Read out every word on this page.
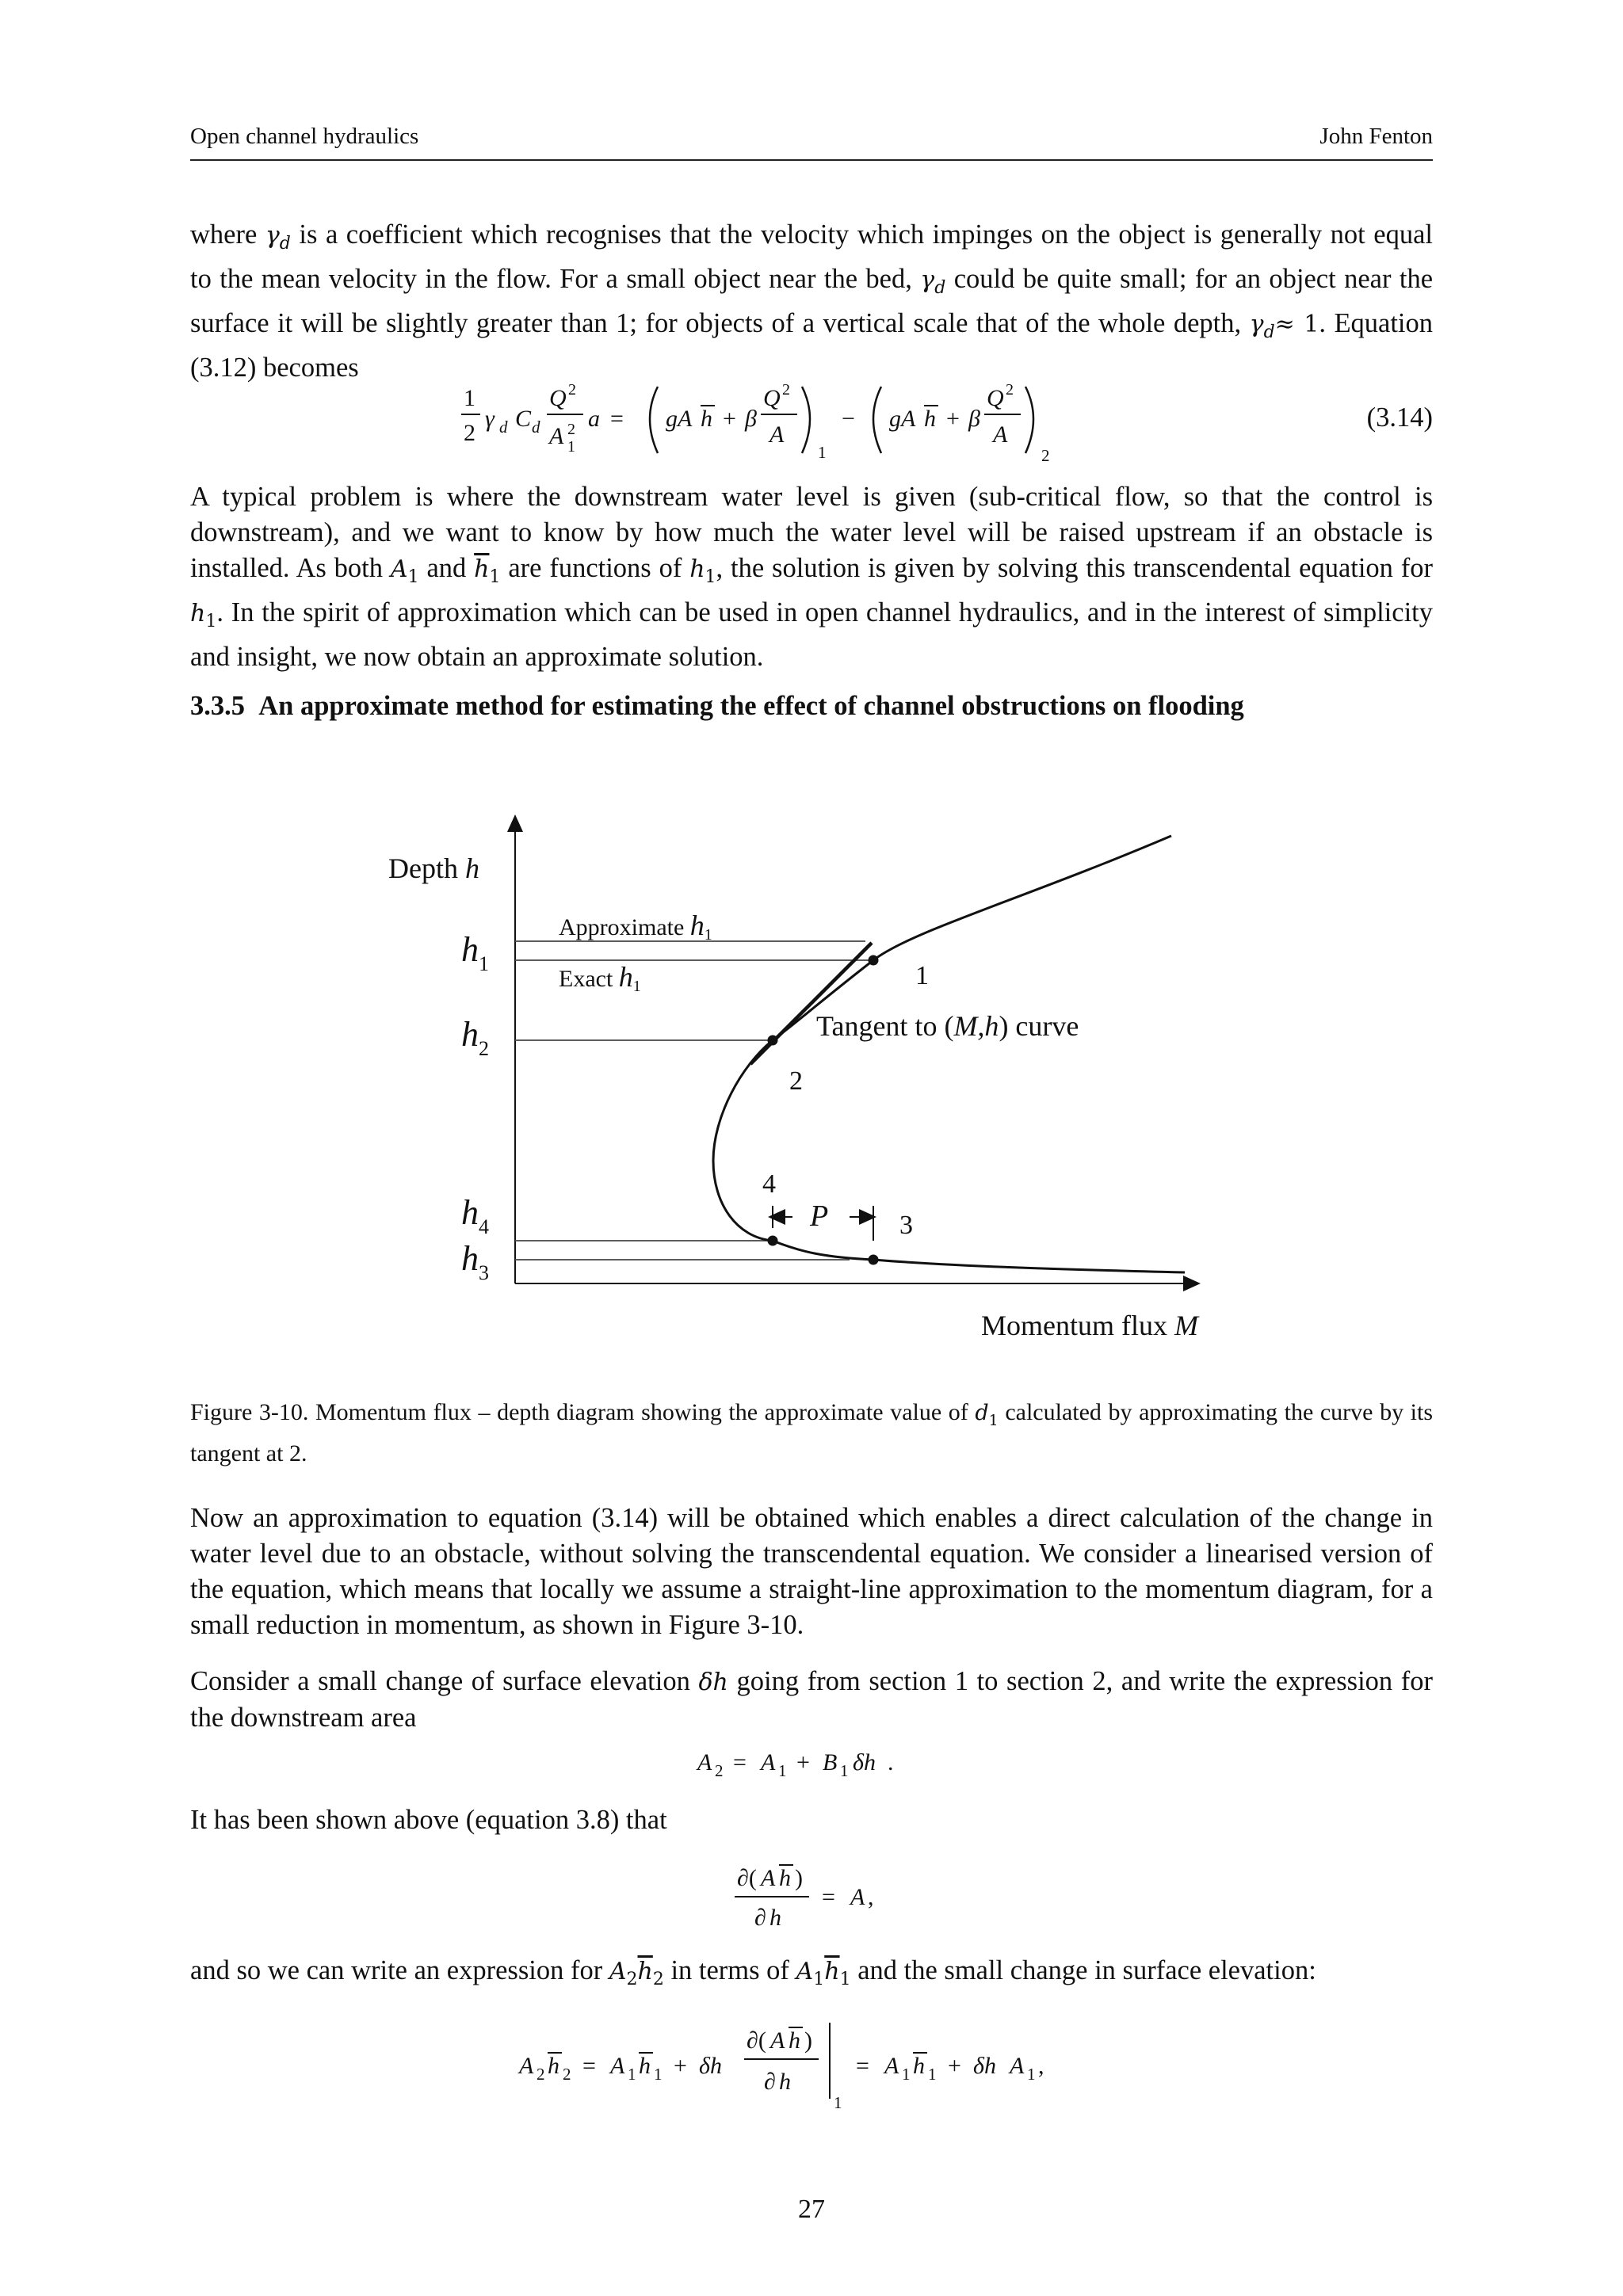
Open channel hydraulics	John Fenton

where $\gamma_d$ is a coefficient which recognises that the velocity which impinges on the object is generally not equal to the mean velocity in the flow. For a small object near the bed, $\gamma_d$ could be quite small; for an object near the surface it will be slightly greater than 1; for objects of a vertical scale that of the whole depth, $\gamma_d\approx 1$. Equation (3.12) becomes

1
2
γ d C d
Q 2
A 2
1
a = gA h + β
Q 2
A
1
− gA h + β
Q 2
A
2
(3.14)

A typical problem is where the downstream water level is given (sub-critical flow, so that the control is downstream), and we want to know by how much the water level will be raised upstream if an obstacle is installed. As both $A_1$ and $\overline{h}_1$ are functions of $h_1$, the solution is given by solving this transcendental equation for $h_1$. In the spirit of approximation which can be used in open channel hydraulics, and in the interest of simplicity and insight, we now obtain an approximate solution.

3.3.5 An approximate method for estimating the effect of channel obstructions on flooding
Depth h
Momentum flux M
$h_1$
$h_2$
$h_4$
$h_3$
Approximate $h_1$
Exact $h_1$	1
2
3
4
Tangent to (M,h) curve
P
Figure 3-10. Momentum flux – depth diagram showing the approximate value of $d_1$ calculated by approximating the curve by its tangent at 2.
Now an approximation to equation (3.14) will be obtained which enables a direct calculation of the change in water level due to an obstacle, without solving the transcendental equation. We consider a linearised version of the equation, which means that locally we assume a straight-line approximation to the momentum diagram, for a small reduction in momentum, as shown in Figure 3-10.

Consider a small change of surface elevation δh going from section 1 to section 2, and write the expression for the downstream area

A 2 = A 1 + B 1 δh .
It has been shown above (equation 3.8) that
∂( A h )
∂ h
= A ,

and so we can write an expression for $A_2\overline{h}_2$ in terms of $A_1\overline{h}_1$ and the small change in surface elevation:

A 2 h 2 = A 1 h 1 + δh
∂( A h )
∂ h
1
= A 1 h 1 + δh A 1 ,
27
